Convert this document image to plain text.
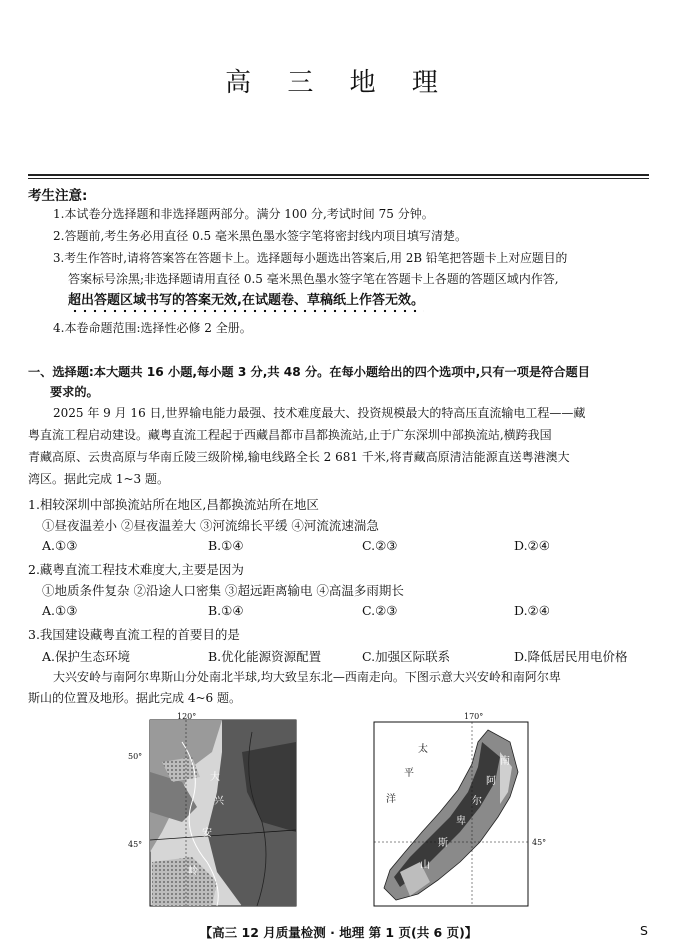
高 三 地 理
考生注意:
1.本试卷分选择题和非选择题两部分。满分 100 分,考试时间 75 分钟。
2.答题前,考生务必用直径 0.5 毫米黑色墨水签字笔将密封线内项目填写清楚。
3.考生作答时,请将答案答在答题卡上。选择题每小题选出答案后,用 2B 铅笔把答题卡上对应题目的
答案标号涂黑;非选择题请用直径 0.5 毫米黑色墨水签字笔在答题卡上各题的答题区域内作答,
超出答题区域书写的答案无效,在试题卷、草稿纸上作答无效。
4.本卷命题范围:选择性必修 2 全册。
一、选择题:本大题共 16 小题,每小题 3 分,共 48 分。在每小题给出的四个选项中,只有一项是符合题目
要求的。
2025 年 9 月 16 日,世界输电能力最强、技术难度最大、投资规模最大的特高压直流输电工程——藏
粤直流工程启动建设。藏粤直流工程起于西藏昌都市昌都换流站,止于广东深圳中部换流站,横跨我国
青藏高原、云贵高原与华南丘陵三级阶梯,输电线路全长 2 681 千米,将青藏高原清洁能源直送粤港澳大
湾区。据此完成 1~3 题。
1.相较深圳中部换流站所在地区,昌都换流站所在地区
①昼夜温差小 ②昼夜温差大 ③河流绵长平缓 ④河流流速湍急
A.①③	B.①④	C.②③	D.②④
2.藏粤直流工程技术难度大,主要是因为
①地质条件复杂 ②沿途人口密集 ③超远距离输电 ④高温多雨期长
A.①③	B.①④	C.②③	D.②④
3.我国建设藏粤直流工程的首要目的是
A.保护生态环境	B.优化能源资源配置	C.加强区际联系	D.降低居民用电价格
大兴安岭与南阿尔卑斯山分处南北半球,均大致呈东北—西南走向。下图示意大兴安岭和南阿尔卑
斯山的位置及地形。据此完成 4~6 题。
120°
50°
45°
大
兴
安
岭
170°
45°
太
平
洋
南
阿
尔
卑
斯
山
【高三 12 月质量检测 · 地理 第 1 页(共 6 页)】	S
